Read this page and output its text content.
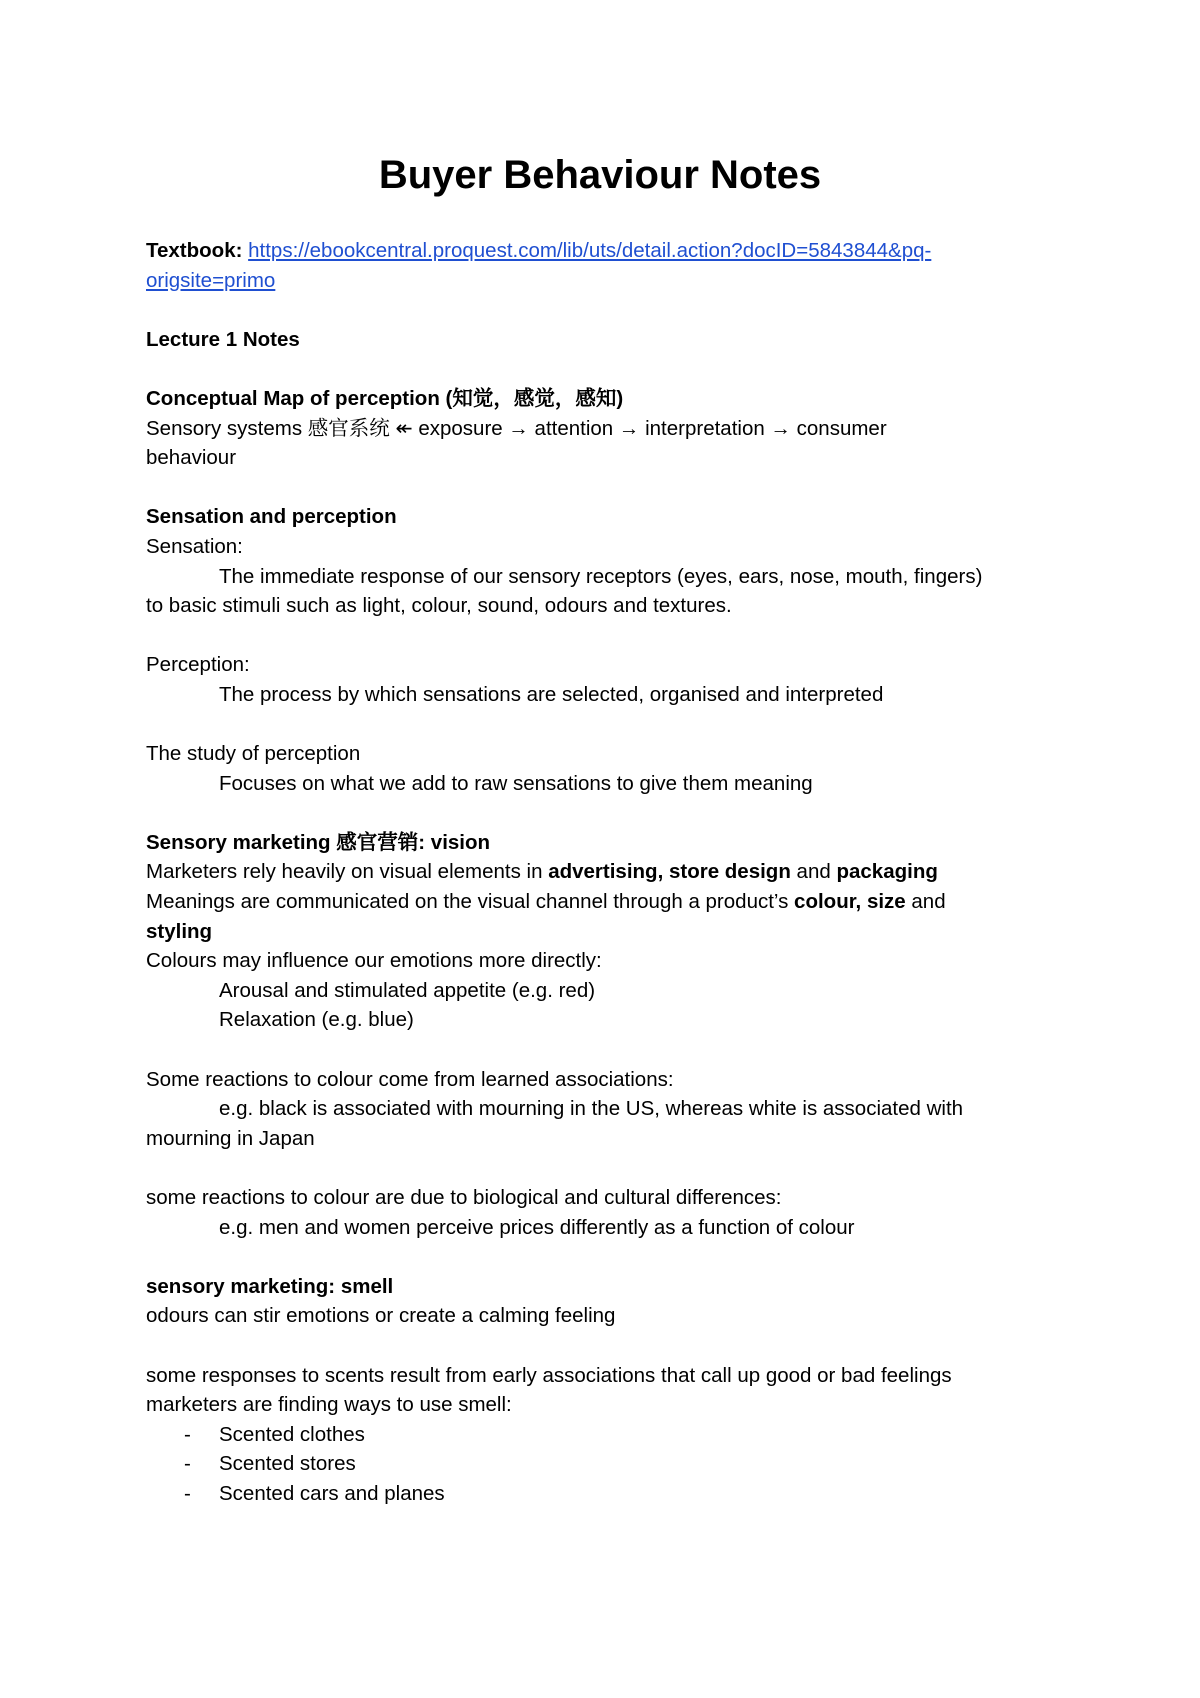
Buyer Behaviour Notes
Textbook: https://ebookcentral.proquest.com/lib/uts/detail.action?docID=5843844&pq-
origsite=primo
Lecture 1 Notes
Conceptual Map of perception (知觉，感觉，感知)
Sensory systems 感官系统 ↞ exposure → attention → interpretation → consumer
behaviour
Sensation and perception
Sensation:
The immediate response of our sensory receptors (eyes, ears, nose, mouth, fingers)
to basic stimuli such as light, colour, sound, odours and textures.
Perception:
The process by which sensations are selected, organised and interpreted
The study of perception
Focuses on what we add to raw sensations to give them meaning
Sensory marketing 感官营销: vision
Marketers rely heavily on visual elements in advertising, store design and packaging
Meanings are communicated on the visual channel through a product’s colour, size and
styling
Colours may influence our emotions more directly:
Arousal and stimulated appetite (e.g. red)
Relaxation (e.g. blue)
Some reactions to colour come from learned associations:
e.g. black is associated with mourning in the US, whereas white is associated with
mourning in Japan
some reactions to colour are due to biological and cultural differences:
e.g. men and women perceive prices differently as a function of colour
sensory marketing: smell
odours can stir emotions or create a calming feeling
some responses to scents result from early associations that call up good or bad feelings
marketers are finding ways to use smell:
- Scented clothes
- Scented stores
- Scented cars and planes
